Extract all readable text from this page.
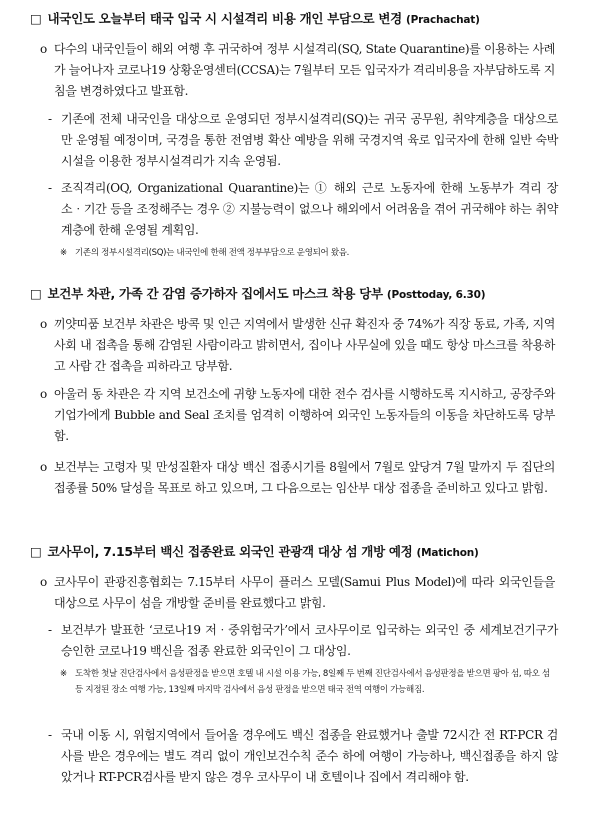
□ 내국인도 오늘부터 태국 입국 시 시설격리 비용 개인 부담으로 변경 (Prachachat)
o 다수의 내국인들이 해외 여행 후 귀국하여 정부 시설격리(SQ, State Quarantine)를 이용하는 사례가 늘어나자 코로나19 상황운영센터(CCSA)는 7월부터 모든 입국자가 격리비용을 자부담하도록 지침을 변경하였다고 발표함.
- 기존에 전체 내국인을 대상으로 운영되던 정부시설격리(SQ)는 귀국 공무원, 취약계층을 대상으로만 운영될 예정이며, 국경을 통한 전염병 확산 예방을 위해 국경지역 육로 입국자에 한해 일반 숙박시설을 이용한 정부시설격리가 지속 운영됨.
- 조직격리(OQ, Organizational Quarantine)는 ① 해외 근로 노동자에 한해 노동부가 격리 장소‧기간 등을 조정해주는 경우 ② 지불능력이 없으나 해외에서 어려움을 겪어 귀국해야 하는 취약계층에 한해 운영될 계획임.
※ 기존의 정부시설격리(SQ)는 내국인에 한해 전액 정부부담으로 운영되어 왔음.
□ 보건부 차관, 가족 간 감염 증가하자 집에서도 마스크 착용 당부 (Posttoday, 6.30)
o 끼얏띠품 보건부 차관은 방콕 및 인근 지역에서 발생한 신규 확진자 중 74%가 직장 동료, 가족, 지역 사회 내 접촉을 통해 감염된 사람이라고 밝히면서, 집이나 사무실에 있을 때도 항상 마스크를 착용하고 사람 간 접촉을 피하라고 당부함.
o 아울러 동 차관은 각 지역 보건소에 귀향 노동자에 대한 전수 검사를 시행하도록 지시하고, 공장주와 기업가에게 Bubble and Seal 조치를 엄격히 이행하여 외국인 노동자들의 이동을 차단하도록 당부함.
o 보건부는 고령자 및 만성질환자 대상 백신 접종시기를 8월에서 7월로 앞당겨 7월 말까지 두 집단의 접종률 50% 달성을 목표로 하고 있으며, 그 다음으로는 임산부 대상 접종을 준비하고 있다고 밝힘.
□ 코사무이, 7.15부터 백신 접종완료 외국인 관광객 대상 섬 개방 예정 (Matichon)
o 코사무이 관광진흥협회는 7.15부터 사무이 플러스 모델(Samui Plus Model)에 따라 외국인들을 대상으로 사무이 섬을 개방할 준비를 완료했다고 밝힘.
- 보건부가 발표한 ‘코로나19 저‧중위험국가’에서 코사무이로 입국하는 외국인 중 세계보건기구가 승인한 코로나19 백신을 접종 완료한 외국인이 그 대상임.
※ 도착한 첫날 진단검사에서 음성판정을 받으면 호텔 내 시설 이용 가능, 8일째 두 번째 진단검사에서 음성판정을 받으면 팡아 섬, 따오 섬 등 지정된 장소 여행 가능, 13일째 마지막 검사에서 음성 판정을 받으면 태국 전역 여행이 가능해짐.
- 국내 이동 시, 위험지역에서 들어올 경우에도 백신 접종을 완료했거나 출발 72시간 전 RT-PCR 검사를 받은 경우에는 별도 격리 없이 개인보건수칙 준수 하에 여행이 가능하나, 백신접종을 하지 않았거나 RT-PCR검사를 받지 않은 경우 코사무이 내 호텔이나 집에서 격리해야 함.
